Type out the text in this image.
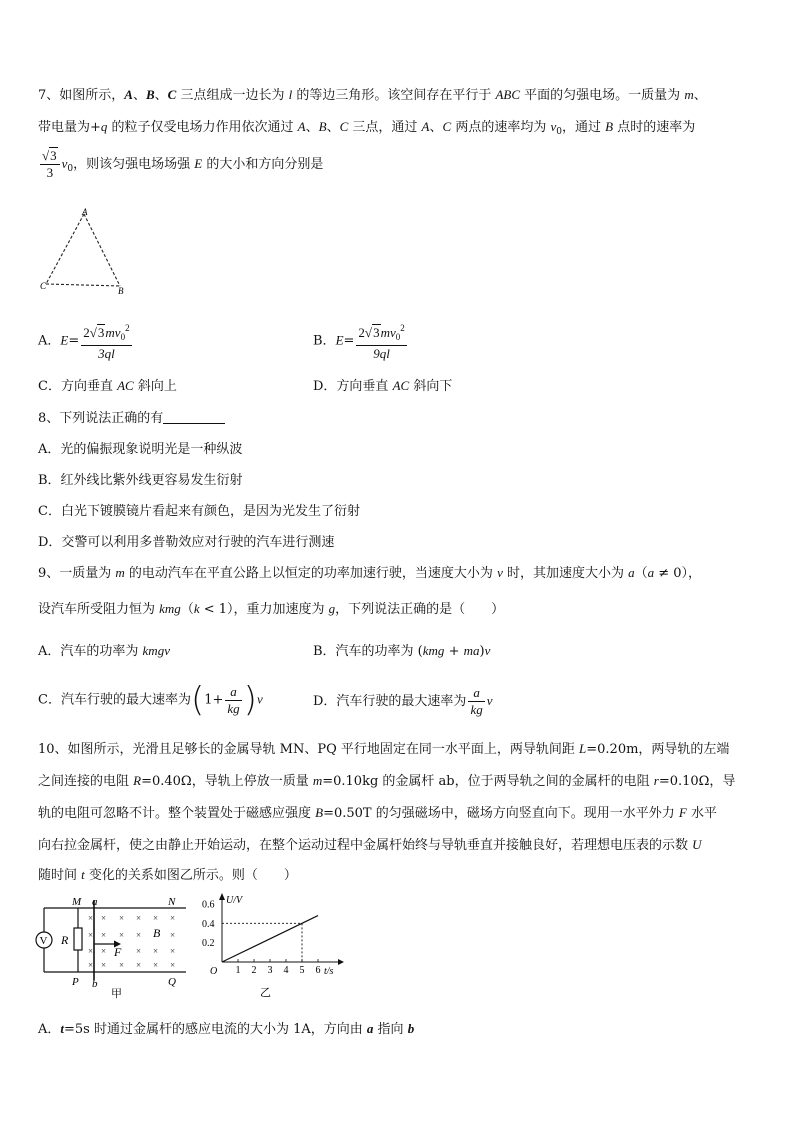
7、如图所示，A、B、C 三点组成一边长为 l 的等边三角形。该空间存在平行于 ABC 平面的匀强电场。一质量为 m、
带电量为+q 的粒子仅受电场力作用依次通过 A、B、C 三点，通过 A、C 两点的速率均为 $v_0$，通过 B 点时的速率为
$\frac{√3}{3} v_0$，则该匀强电场场强 E 的大小和方向分别是
A
C	B
A．$E= \frac{2√3mv_0^2}{3ql}$	B．$E= \frac{2√3mv_0^2}{9ql}$
C．方向垂直 AC 斜向上	D．方向垂直 AC 斜向下
8、下列说法正确的有
A．光的偏振现象说明光是一种纵波
B．红外线比紫外线更容易发生衍射
C．白光下镀膜镜片看起来有颜色，是因为光发生了衍射
D．交警可以利用多普勒效应对行驶的汽车进行测速
9、一质量为 m 的电动汽车在平直公路上以恒定的功率加速行驶，当速度大小为 v 时，其加速度大小为 a（a ≠ 0），
设汽车所受阻力恒为 kmg（k < 1），重力加速度为 g，下列说法正确的是（　　）
A．汽车的功率为 kmgv	B．汽车的功率为 (kmg + ma)v
C．汽车行驶的最大速率为$(1+ \frac{a}{kg} )v$	D．汽车行驶的最大速率为 $\frac{a}{kg}$ v
10、如图所示，光滑且足够长的金属导轨 MN、PQ 平行地固定在同一水平面上，两导轨间距 L=0.20m，两导轨的左端
之间连接的电阻 R=0.40Ω，导轨上停放一质量 m=0.10kg 的金属杆 ab，位于两导轨之间的金属杆的电阻 r=0.10Ω，导
轨的电阻可忽略不计。整个装置处于磁感应强度 B=0.50T 的匀强磁场中，磁场方向竖直向下。现用一水平外力 F 水平
向右拉金属杆，使之由静止开始运动，在整个运动过程中金属杆始终与导轨垂直并接触良好，若理想电压表的示数 U
随时间 t 变化的关系如图乙所示。则（　　）
V R
F
× × × × × ×
× × × ×	×
× ×	× × ×
× × × × × ×
B
M a	N
P b	Q
甲
U/V
t/s
O 1 2 3 4 5 6
0.2
0.4
0.6
乙
A．t=5s 时通过金属杆的感应电流的大小为 1A，方向由 a 指向 b
